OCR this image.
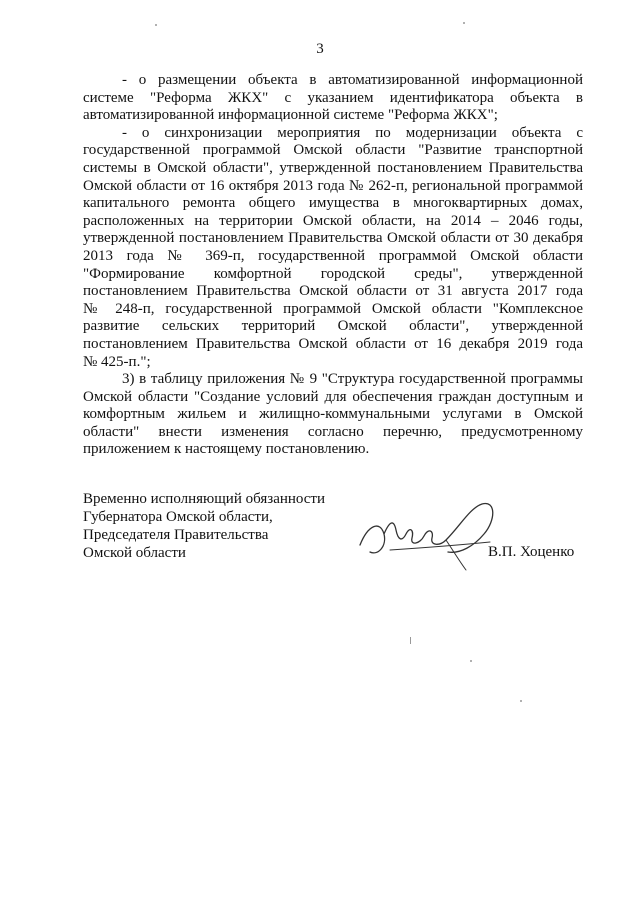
3
- о размещении объекта в автоматизированной информационной
системе "Реформа ЖКХ" с указанием идентификатора объекта в
автоматизированной информационной системе "Реформа ЖКХ";
- о синхронизации мероприятия по модернизации объекта с
государственной программой Омской области "Развитие транспортной
системы в Омской области", утвержденной постановлением Правительства
Омской области от 16 октября 2013 года № 262-п, региональной программой
капитального ремонта общего имущества в многоквартирных домах,
расположенных на территории Омской области, на 2014 – 2046 годы,
утвержденной постановлением Правительства Омской области от 30 декабря
2013 года № 369-п, государственной программой Омской области
"Формирование комфортной городской среды", утвержденной
постановлением Правительства Омской области от 31 августа 2017 года
№ 248-п, государственной программой Омской области "Комплексное
развитие сельских территорий Омской области", утвержденной
постановлением Правительства Омской области от 16 декабря 2019 года
№ 425-п.";
3) в таблицу приложения № 9 "Структура государственной программы
Омской области "Создание условий для обеспечения граждан доступным и
комфортным жильем и жилищно-коммунальными услугами в Омской
области" внести изменения согласно перечню, предусмотренному
приложением к настоящему постановлению.
Временно исполняющий обязанности
Губернатора Омской области,
Председателя Правительства
Омской области	В.П. Хоценко
